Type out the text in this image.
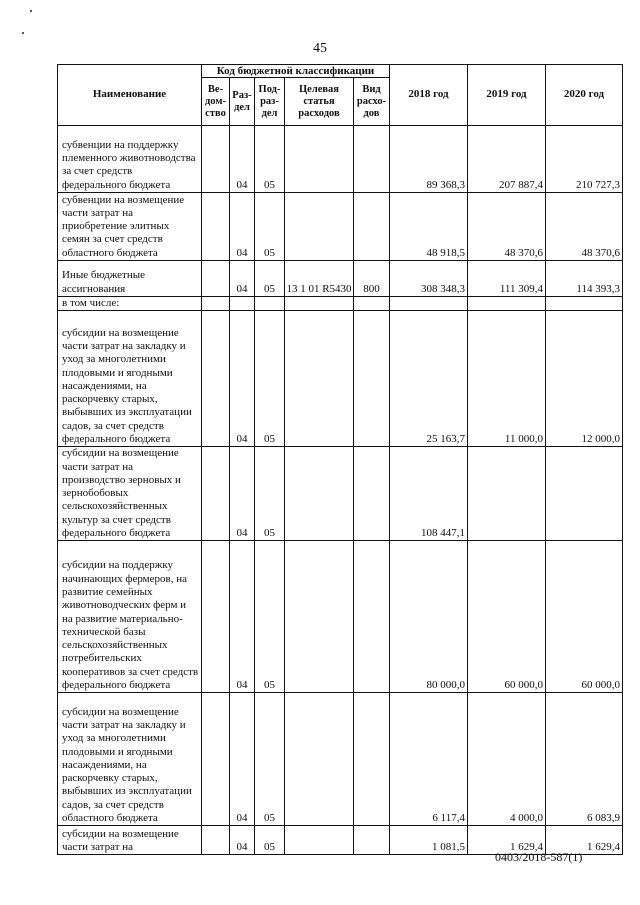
45
Наименование	Код бюджетной классификации					2018 год	2019 год	2020 год
	Ве-дом-ство	Раз-дел	Под-раз-дел	Целевая статья расходов	Вид расхо-дов			
субвенции на поддержку племенного животноводства за счет средств федерального бюджета		04	05			89 368,3	207 887,4	210 727,3
субвенции на возмещение части затрат на приобретение элитных семян за счет средств областного бюджета		04	05			48 918,5	48 370,6	48 370,6
Иные бюджетные ассигнования		04	05	13 1 01 R5430	800	308 348,3	111 309,4	114 393,3
в том числе:								
субсидии на возмещение части затрат на закладку и уход за многолетними плодовыми и ягодными насаждениями, на раскорчевку старых, выбывших из эксплуатации садов, за счет средств федерального бюджета		04	05			25 163,7	11 000,0	12 000,0
субсидии на возмещение части затрат на производство зерновых и зернобобовых сельскохозяйственных культур за счет средств федерального бюджета		04	05			108 447,1		
субсидии на поддержку начинающих фермеров, на развитие семейных животноводческих ферм и на развитие материально-технической базы сельскохозяйственных потребительских кооперативов за счет средств федерального бюджета		04	05			80 000,0	60 000,0	60 000,0
субсидии на возмещение части затрат на закладку и уход за многолетними плодовыми и ягодными насаждениями, на раскорчевку старых, выбывших из эксплуатации садов, за счет средств областного бюджета		04	05			6 117,4	4 000,0	6 083,9
субсидии на возмещение части затрат на		04	05			1 081,5	1 629,4	1 629,4
0403/2018-587(1)
